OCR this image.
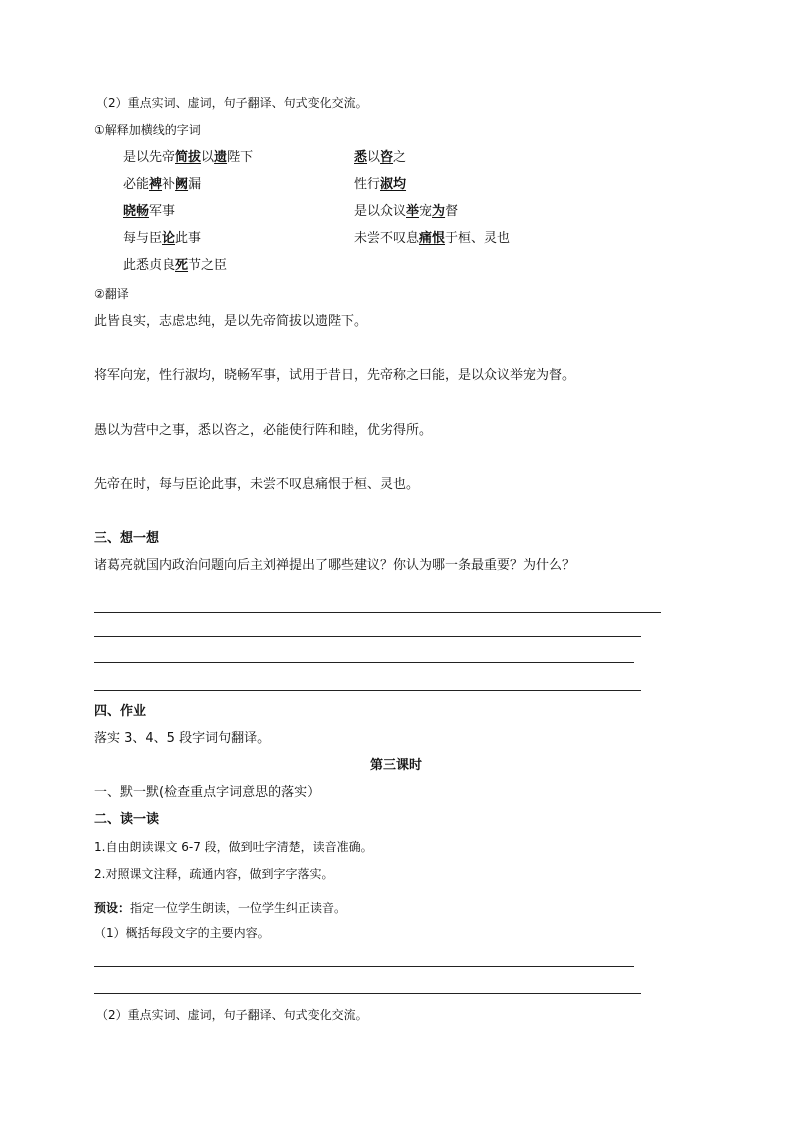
（2）重点实词、虚词，句子翻译、句式变化交流。
①解释加横线的字词
是以先帝简拔以遗陛下	悉以咨之
必能裨补阙漏	性行淑均
晓畅军事	是以众议举宠为督
每与臣论此事	未尝不叹息痛恨于桓、灵也
此悉贞良死节之臣
②翻译
此皆良实，志虑忠纯，是以先帝简拔以遗陛下。
将军向宠，性行淑均，晓畅军事，试用于昔日，先帝称之曰能，是以众议举宠为督。
愚以为营中之事，悉以咨之，必能使行阵和睦，优劣得所。
先帝在时，每与臣论此事，未尝不叹息痛恨于桓、灵也。
三、想一想
诸葛亮就国内政治问题向后主刘禅提出了哪些建议？你认为哪一条最重要？为什么？
四、作业
落实 3、4、5 段字词句翻译。
第三课时
一、默一默(检查重点字词意思的落实）
二、读一读
1.自由朗读课文 6-7 段，做到吐字清楚，读音准确。
2.对照课文注释，疏通内容，做到字字落实。
预设：指定一位学生朗读，一位学生纠正读音。
（1）概括每段文字的主要内容。
（2）重点实词、虚词，句子翻译、句式变化交流。
